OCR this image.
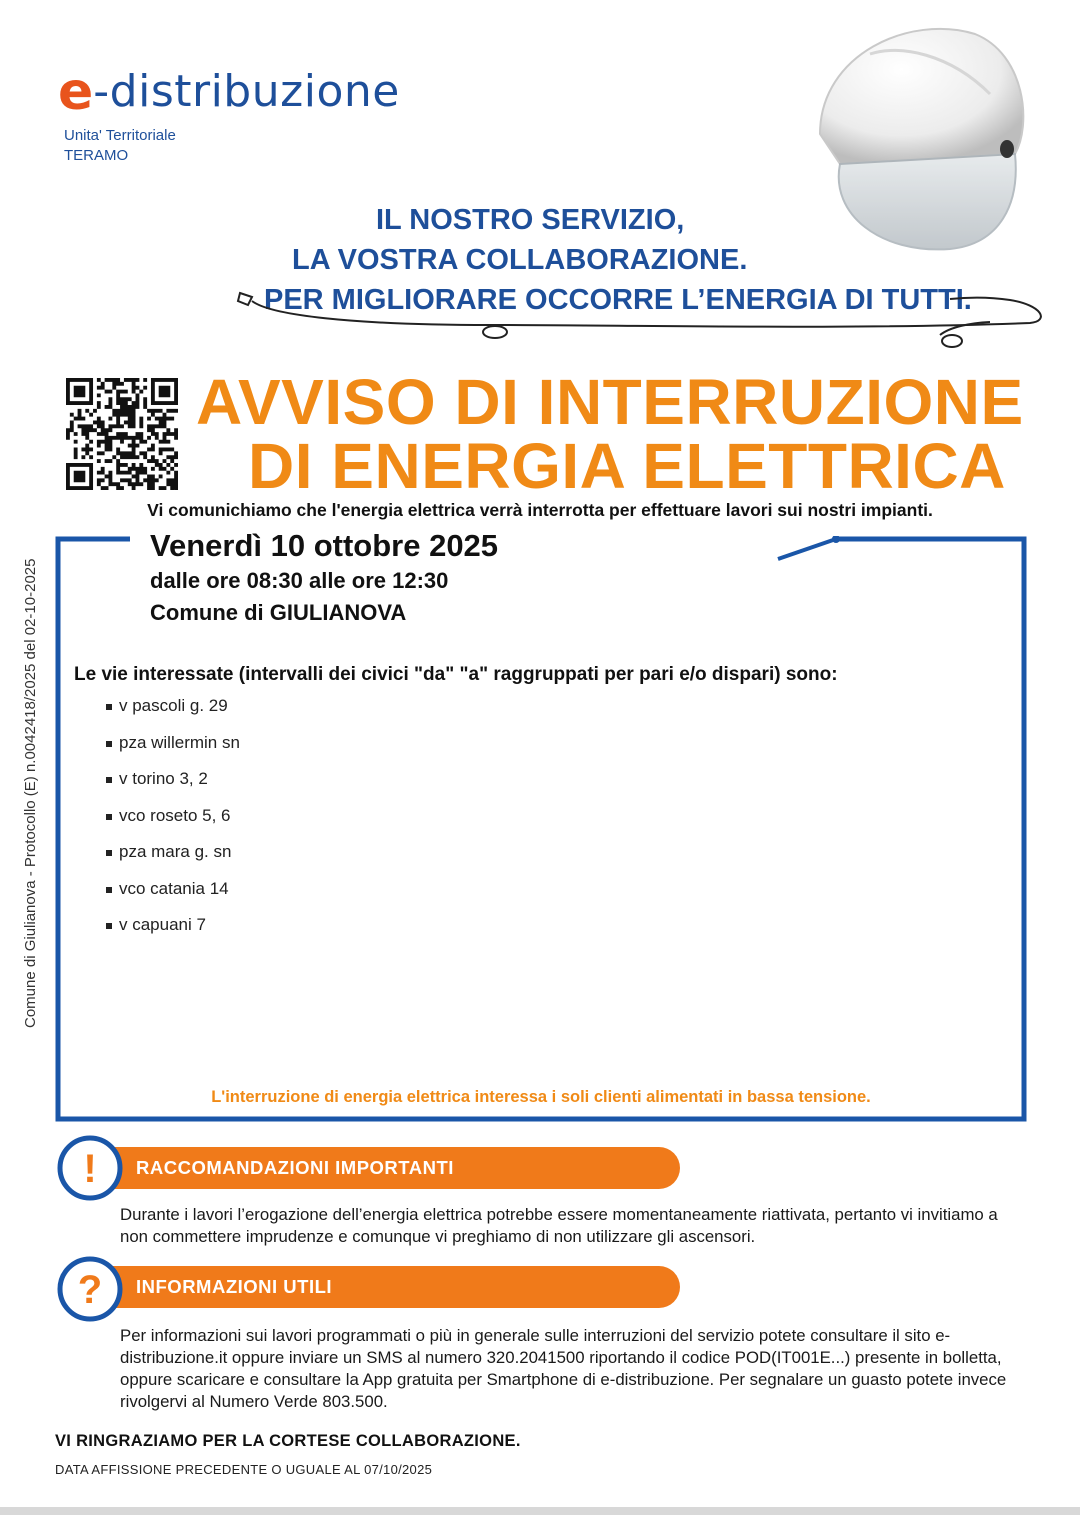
e -distribuzione
Unita' Territoriale
TERAMO
IL NOSTRO SERVIZIO,
LA VOSTRA COLLABORAZIONE.
PER MIGLIORARE OCCORRE L’ENERGIA DI TUTTI.
AVVISO DI INTERRUZIONE
DI ENERGIA ELETTRICA
Vi comunichiamo che l'energia elettrica verrà interrotta per effettuare lavori sui nostri impianti.
Comune di Giulianova - Protocollo (E) n.0042418/2025 del 02-10-2025
Venerdì 10 ottobre 2025
dalle ore 08:30 alle ore 12:30
Comune di GIULIANOVA
Le vie interessate (intervalli dei civici "da" "a" raggruppati per pari e/o dispari) sono:
v pascoli g. 29
pza willermin sn
v torino 3, 2
vco roseto 5, 6
pza mara g. sn
vco catania 14
v capuani 7
L'interruzione di energia elettrica interessa i soli clienti alimentati in bassa tensione.
RACCOMANDAZIONI IMPORTANTI
!
Durante i lavori l’erogazione dell’energia elettrica potrebbe essere momentaneamente riattivata, pertanto vi invitiamo a non commettere imprudenze e comunque vi preghiamo di non utilizzare gli ascensori.
INFORMAZIONI UTILI
?
Per informazioni sui lavori programmati o più in generale sulle interruzioni del servizio potete consultare il sito e-distribuzione.it oppure inviare un SMS al numero 320.2041500 riportando il codice POD(IT001E...) presente in bolletta, oppure scaricare e consultare la App gratuita per Smartphone di e-distribuzione. Per segnalare un guasto potete invece rivolgervi al Numero Verde 803.500.
VI RINGRAZIAMO PER LA CORTESE COLLABORAZIONE.
DATA AFFISSIONE PRECEDENTE O UGUALE AL 07/10/2025
